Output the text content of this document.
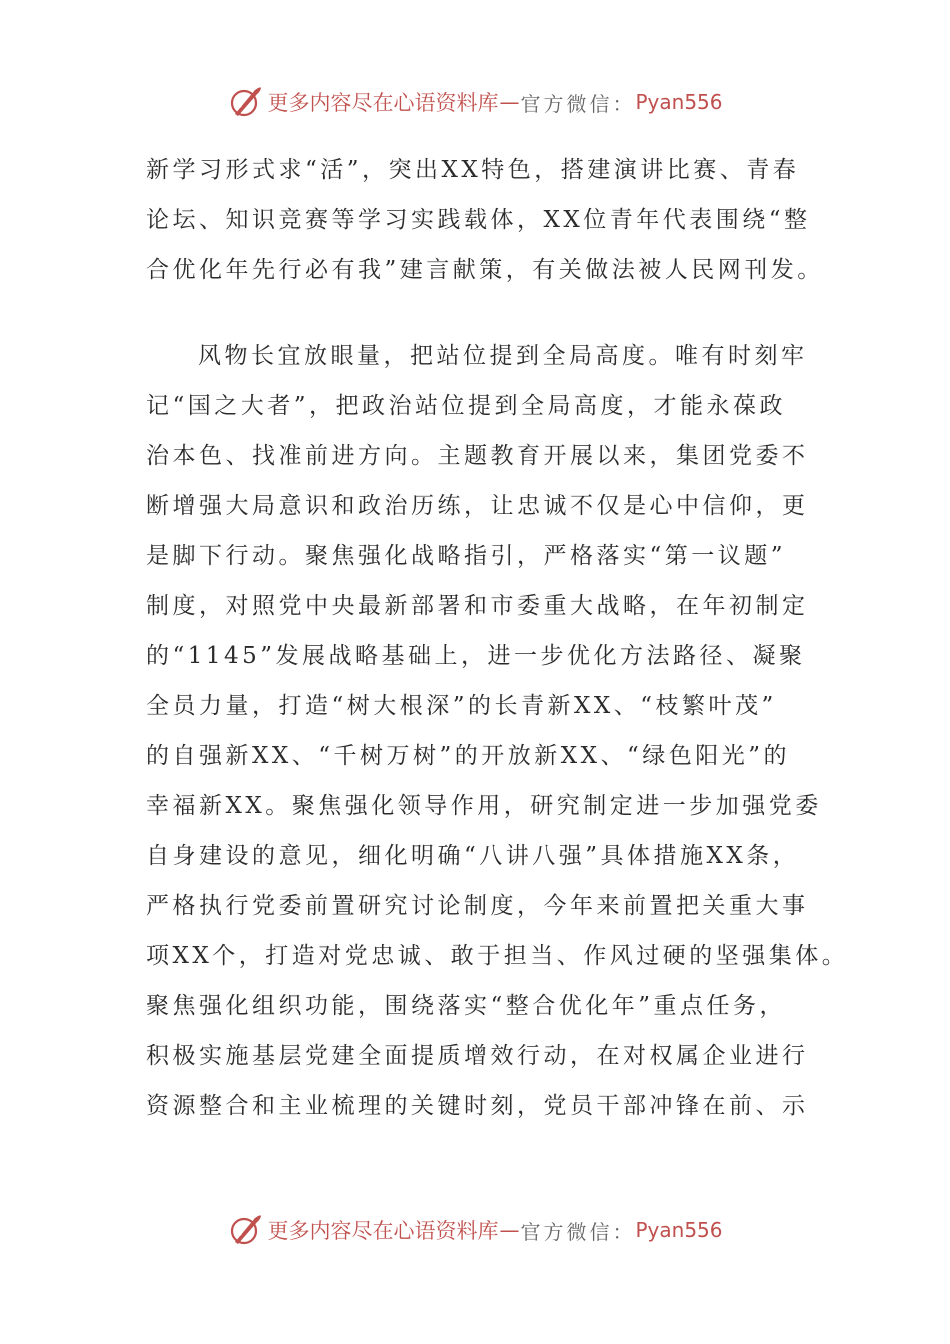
更多内容尽在心语资料库 — 官方微信： Pyan556
新学习形式求“活”，突出XX特色，搭建演讲比赛、青春
论坛、知识竞赛等学习实践载体，XX位青年代表围绕“整
合优化年先行必有我”建言献策，有关做法被人民网刊发。
风物长宜放眼量，把站位提到全局高度。唯有时刻牢
记“国之大者”，把政治站位提到全局高度，才能永葆政
治本色、找准前进方向。主题教育开展以来，集团党委不
断增强大局意识和政治历练，让忠诚不仅是心中信仰，更
是脚下行动。聚焦强化战略指引，严格落实“第一议题”
制度，对照党中央最新部署和市委重大战略，在年初制定
的“1145”发展战略基础上，进一步优化方法路径、凝聚
全员力量，打造“树大根深”的长青新XX、“枝繁叶茂”
的自强新XX、“千树万树”的开放新XX、“绿色阳光”的
幸福新XX。聚焦强化领导作用，研究制定进一步加强党委
自身建设的意见，细化明确“八讲八强”具体措施XX条，
严格执行党委前置研究讨论制度，今年来前置把关重大事
项XX个，打造对党忠诚、敢于担当、作风过硬的坚强集体。
聚焦强化组织功能，围绕落实“整合优化年”重点任务，
积极实施基层党建全面提质增效行动，在对权属企业进行
资源整合和主业梳理的关键时刻，党员干部冲锋在前、示
更多内容尽在心语资料库 — 官方微信： Pyan556
